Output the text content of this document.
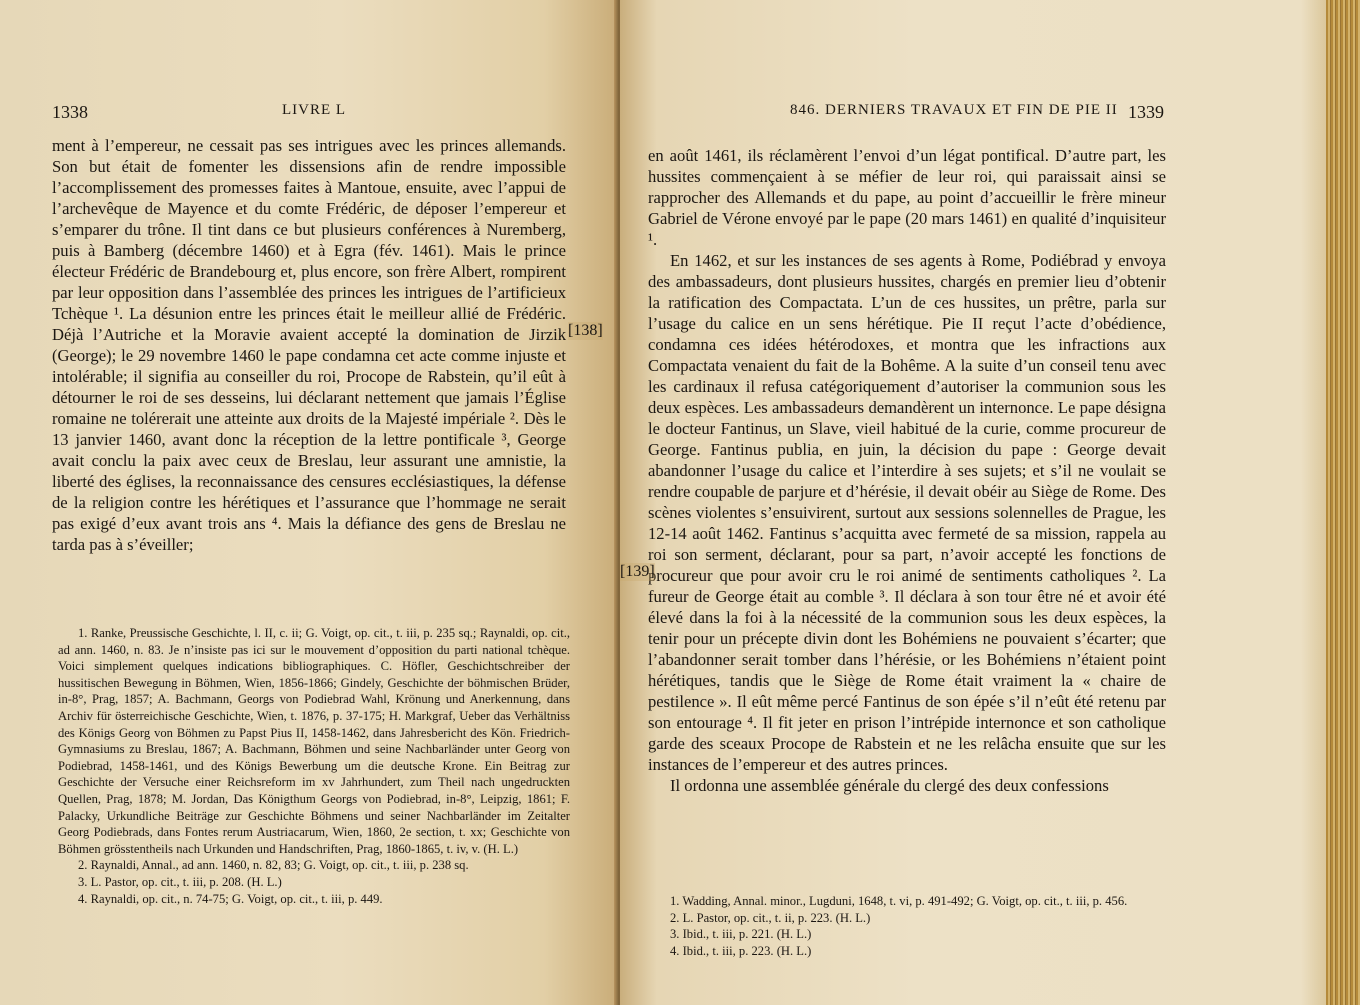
1338	LIVRE L

ment à l’empereur, ne cessait pas ses intrigues avec les princes allemands. Son but était de fomenter les dissensions afin de rendre impossible l’accomplissement des promesses faites à Mantoue, ensuite, avec l’appui de l’archevêque de Mayence et du comte Frédéric, de déposer l’empereur et s’emparer du trône. Il tint dans ce but plusieurs conférences à Nuremberg, puis à Bamberg (décembre 1460) et à Egra (fév. 1461). Mais le prince électeur Frédéric de Brandebourg et, plus encore, son frère Albert, rompirent par leur opposition dans l’assemblée des princes les intrigues de l’artificieux Tchèque ¹. La désunion entre les princes était le meilleur allié de Frédéric. Déjà l’Autriche et la Moravie avaient accepté la domination de Jirzik (George); le 29 novembre 1460 le pape condamna cet acte comme injuste et intolérable; il signifia au conseiller du roi, Procope de Rabstein, qu’il eût à détourner le roi de ses desseins, lui déclarant nettement que jamais l’Église romaine ne tolérerait une atteinte aux droits de la Majesté impériale ². Dès le 13 janvier 1460, avant donc la réception de la lettre pontificale ³, George avait conclu la paix avec ceux de Breslau, leur assurant une amnistie, la liberté des églises, la reconnaissance des censures ecclésiastiques, la défense de la religion contre les hérétiques et l’assurance que l’hommage ne serait pas exigé d’eux avant trois ans ⁴. Mais la défiance des gens de Breslau ne tarda pas à s’éveiller;

[138]

1. Ranke, Preussische Geschichte, l. II, c. ii; G. Voigt, op. cit., t. iii, p. 235 sq.; Raynaldi, op. cit., ad ann. 1460, n. 83. Je n’insiste pas ici sur le mouvement d’opposition du parti national tchèque. Voici simplement quelques indications bibliographiques. C. Höfler, Geschichtschreiber der hussitischen Bewegung in Böhmen, Wien, 1856-1866; Gindely, Geschichte der böhmischen Brüder, in-8°, Prag, 1857; A. Bachmann, Georgs von Podiebrad Wahl, Krönung und Anerkennung, dans Archiv für österreichische Geschichte, Wien, t. 1876, p. 37-175; H. Markgraf, Ueber das Verhältniss des Königs Georg von Böhmen zu Papst Pius II, 1458-1462, dans Jahresbericht des Kön. Friedrich-Gymnasiums zu Breslau, 1867; A. Bachmann, Böhmen und seine Nachbarländer unter Georg von Podiebrad, 1458-1461, und des Königs Bewerbung um die deutsche Krone. Ein Beitrag zur Geschichte der Versuche einer Reichsreform im xv Jahrhundert, zum Theil nach ungedruckten Quellen, Prag, 1878; M. Jordan, Das Königthum Georgs von Podiebrad, in-8°, Leipzig, 1861; F. Palacky, Urkundliche Beiträge zur Geschichte Böhmens und seiner Nachbarländer im Zeitalter Georg Podiebrads, dans Fontes rerum Austriacarum, Wien, 1860, 2e section, t. xx; Geschichte von Böhmen grösstentheils nach Urkunden und Handschriften, Prag, 1860-1865, t. iv, v. (H. L.)

2. Raynaldi, Annal., ad ann. 1460, n. 82, 83; G. Voigt, op. cit., t. iii, p. 238 sq.

3. L. Pastor, op. cit., t. iii, p. 208. (H. L.)

4. Raynaldi, op. cit., n. 74-75; G. Voigt, op. cit., t. iii, p. 449.

846. DERNIERS TRAVAUX ET FIN DE PIE II 1339

en août 1461, ils réclamèrent l’envoi d’un légat pontifical. D’autre part, les hussites commençaient à se méfier de leur roi, qui paraissait ainsi se rapprocher des Allemands et du pape, au point d’accueillir le frère mineur Gabriel de Vérone envoyé par le pape (20 mars 1461) en qualité d’inquisiteur ¹.

En 1462, et sur les instances de ses agents à Rome, Podiébrad y envoya des ambassadeurs, dont plusieurs hussites, chargés en premier lieu d’obtenir la ratification des Compactata. L’un de ces hussites, un prêtre, parla sur l’usage du calice en un sens hérétique. Pie II reçut l’acte d’obédience, condamna ces idées hétérodoxes, et montra que les infractions aux Compactata venaient du fait de la Bohême. A la suite d’un conseil tenu avec les cardinaux il refusa catégoriquement d’autoriser la communion sous les deux espèces. Les ambassadeurs demandèrent un internonce. Le pape désigna le docteur Fantinus, un Slave, vieil habitué de la curie, comme procureur de George. Fantinus publia, en juin, la décision du pape : George devait abandonner l’usage du calice et l’interdire à ses sujets; et s’il ne voulait se rendre coupable de parjure et d’hérésie, il devait obéir au Siège de Rome. Des scènes violentes s’ensuivirent, surtout aux sessions solennelles de Prague, les 12-14 août 1462. Fantinus s’acquitta avec fermeté de sa mission, rappela au roi son serment, déclarant, pour sa part, n’avoir accepté les fonctions de procureur que pour avoir cru le roi animé de sentiments catholiques ². La fureur de George était au comble ³. Il déclara à son tour être né et avoir été élevé dans la foi à la nécessité de la communion sous les deux espèces, la tenir pour un précepte divin dont les Bohémiens ne pouvaient s’écarter; que l’abandonner serait tomber dans l’hérésie, or les Bohémiens n’étaient point hérétiques, tandis que le Siège de Rome était vraiment la « chaire de pestilence ». Il eût même percé Fantinus de son épée s’il n’eût été retenu par son entourage ⁴. Il fit jeter en prison l’intrépide internonce et son catholique garde des sceaux Procope de Rabstein et ne les relâcha ensuite que sur les instances de l’empereur et des autres princes.

Il ordonna une assemblée générale du clergé des deux confessions

[139]

1. Wadding, Annal. minor., Lugduni, 1648, t. vi, p. 491-492; G. Voigt, op. cit., t. iii, p. 456.

2. L. Pastor, op. cit., t. ii, p. 223. (H. L.)

3. Ibid., t. iii, p. 221. (H. L.)

4. Ibid., t. iii, p. 223. (H. L.)
